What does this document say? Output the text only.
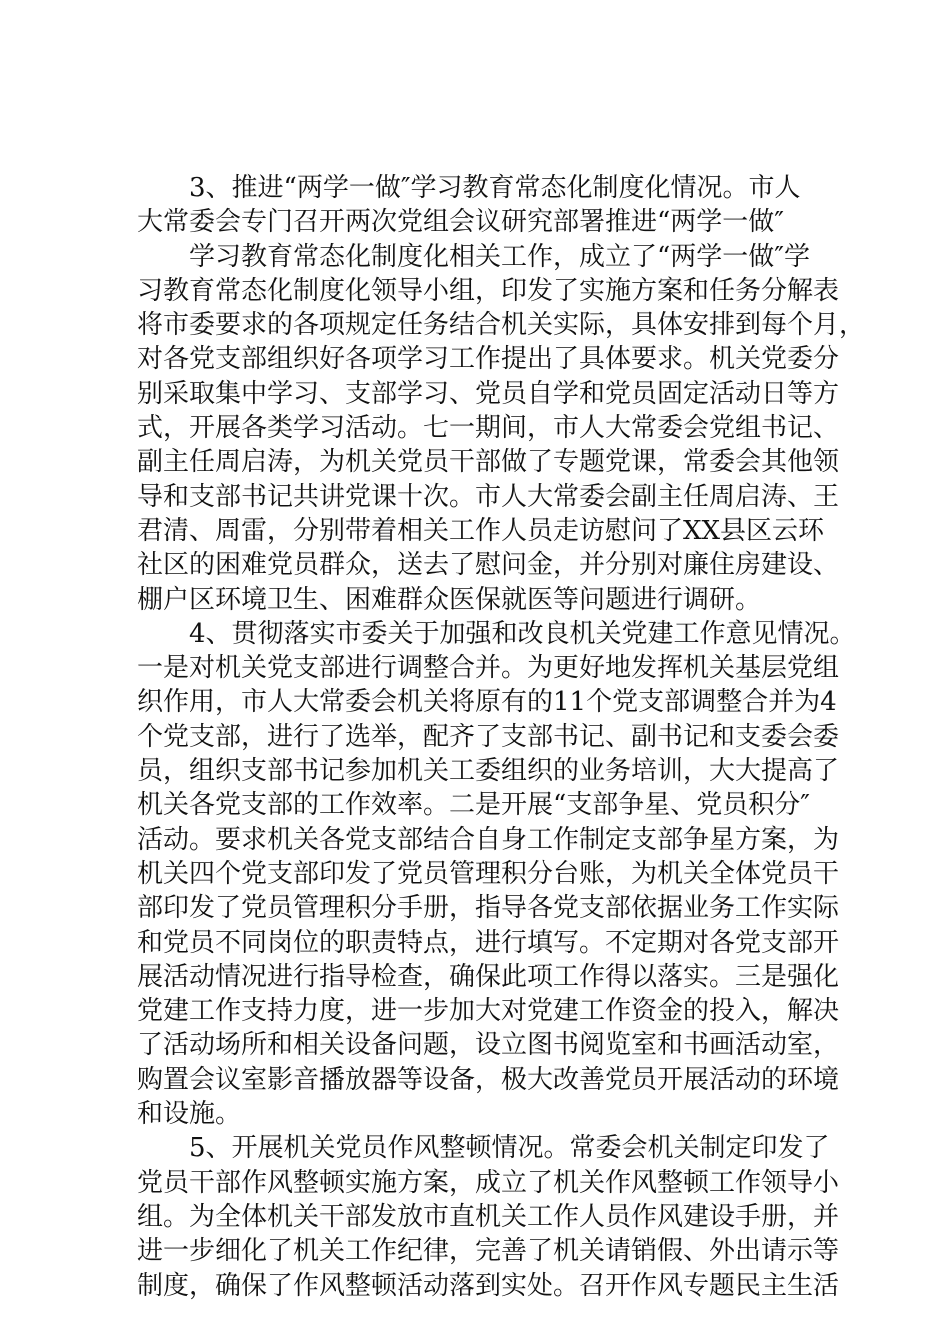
3、推进“两学一做″学习教育常态化制度化情况。市人
大常委会专门召开两次党组会议研究部署推进“两学一做″
学习教育常态化制度化相关工作，成立了“两学一做″学
习教育常态化制度化领导小组，印发了实施方案和任务分解表
将市委要求的各项规定任务结合机关实际，具体安排到每个月，
对各党支部组织好各项学习工作提出了具体要求。机关党委分
别采取集中学习、支部学习、党员自学和党员固定活动日等方
式，开展各类学习活动。七一期间，市人大常委会党组书记、
副主任周启涛，为机关党员干部做了专题党课，常委会其他领
导和支部书记共讲党课十次。市人大常委会副主任周启涛、王
君清、周雷，分别带着相关工作人员走访慰问了XX县区云环
社区的困难党员群众，送去了慰问金，并分别对廉住房建设、
棚户区环境卫生、困难群众医保就医等问题进行调研。
4、贯彻落实市委关于加强和改良机关党建工作意见情况。
一是对机关党支部进行调整合并。为更好地发挥机关基层党组
织作用，市人大常委会机关将原有的11个党支部调整合并为4
个党支部，进行了选举，配齐了支部书记、副书记和支委会委
员，组织支部书记参加机关工委组织的业务培训，大大提高了
机关各党支部的工作效率。二是开展“支部争星、党员积分″
活动。要求机关各党支部结合自身工作制定支部争星方案，为
机关四个党支部印发了党员管理积分台账，为机关全体党员干
部印发了党员管理积分手册，指导各党支部依据业务工作实际
和党员不同岗位的职责特点，进行填写。不定期对各党支部开
展活动情况进行指导检查，确保此项工作得以落实。三是强化
党建工作支持力度，进一步加大对党建工作资金的投入，解决
了活动场所和相关设备问题，设立图书阅览室和书画活动室，
购置会议室影音播放器等设备，极大改善党员开展活动的环境
和设施。
5、开展机关党员作风整顿情况。常委会机关制定印发了
党员干部作风整顿实施方案，成立了机关作风整顿工作领导小
组。为全体机关干部发放市直机关工作人员作风建设手册，并
进一步细化了机关工作纪律，完善了机关请销假、外出请示等
制度，确保了作风整顿活动落到实处。召开作风专题民主生活
